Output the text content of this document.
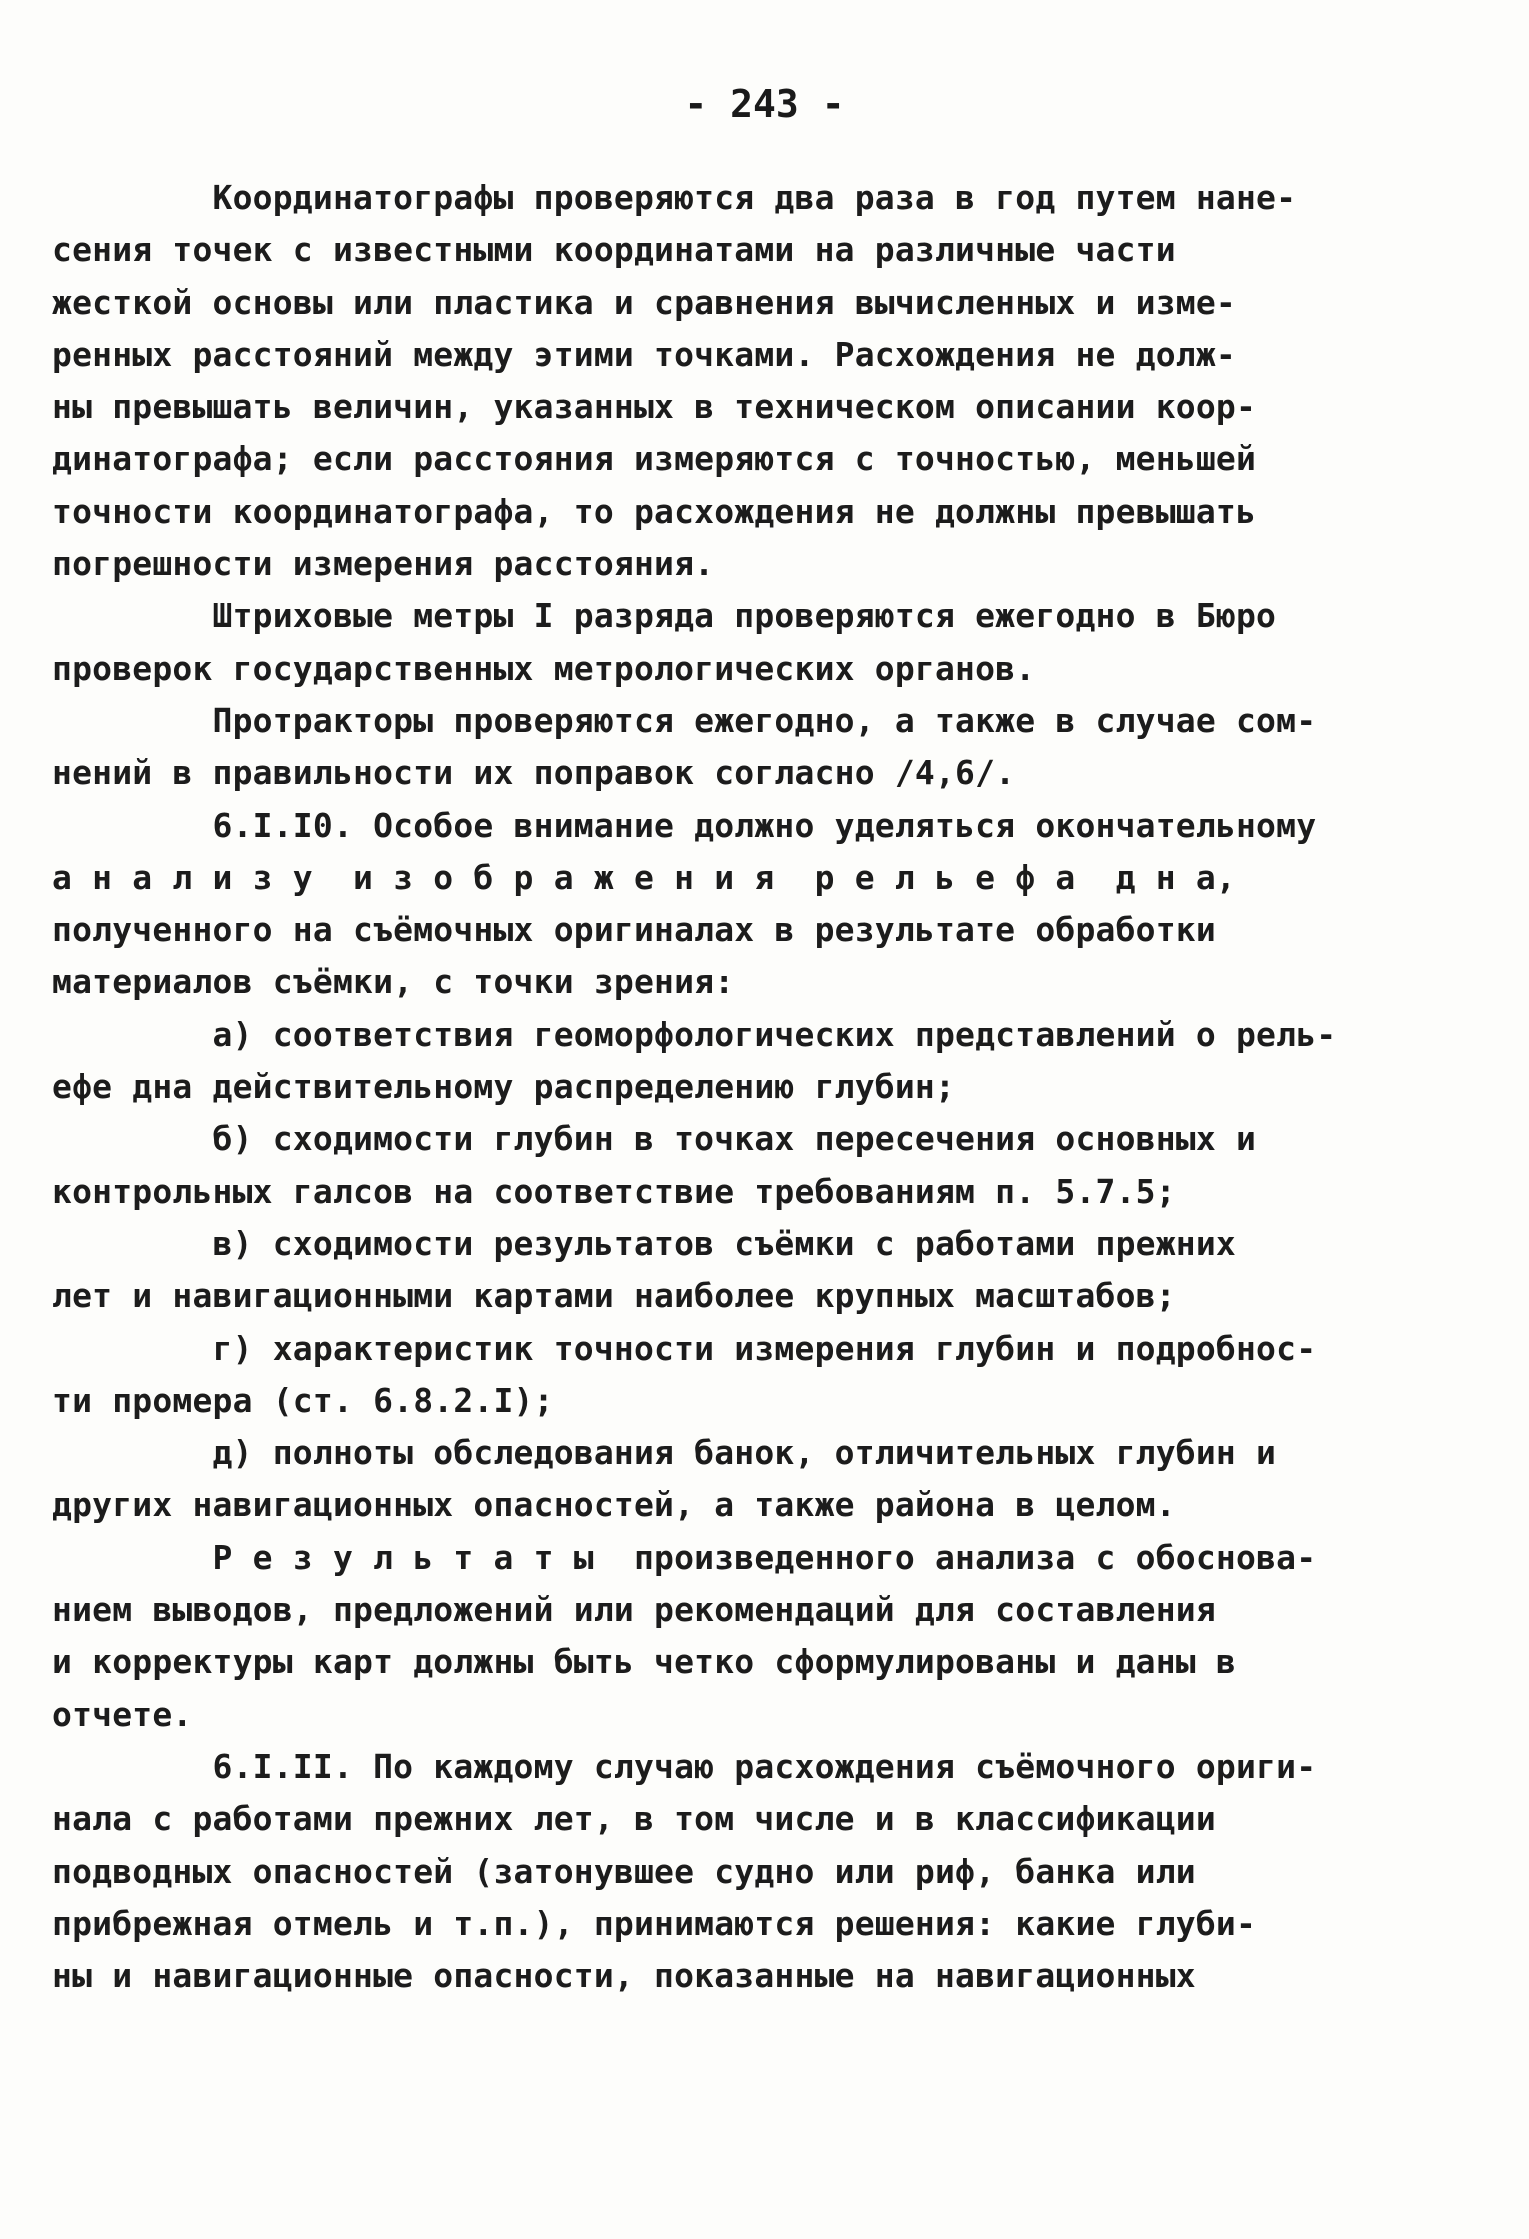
- 243 -
Координатографы проверяются два раза в год путем нане-
сения точек с известными координатами на различные части
жесткой основы или пластика и сравнения вычисленных и изме-
ренных расстояний между этими точками. Расхождения не долж-
ны превышать величин, указанных в техническом описании коор-
динатографа; если расстояния измеряются с точностью, меньшей
точности координатографа, то расхождения не должны превышать
погрешности измерения расстояния.
Штриховые метры I разряда проверяются ежегодно в Бюро
проверок государственных метрологических органов.
Протракторы проверяются ежегодно, а также в случае сом-
нений в правильности их поправок согласно /4,6/.
6.I.I0. Особое внимание должно уделяться окончательному
а н а л и з у  и з о б р а ж е н и я  р е л ь е ф а  д н а,
полученного на съёмочных оригиналах в результате обработки
материалов съёмки, с точки зрения:
а) соответствия геоморфологических представлений о рель-
ефе дна действительному распределению глубин;
б) сходимости глубин в точках пересечения основных и
контрольных галсов на соответствие требованиям п. 5.7.5;
в) сходимости результатов съёмки с работами прежних
лет и навигационными картами наиболее крупных масштабов;
г) характеристик точности измерения глубин и подробнос-
ти промера (ст. 6.8.2.I);
д) полноты обследования банок, отличительных глубин и
других навигационных опасностей, а также района в целом.
Р е з у л ь т а т ы  произведенного анализа с обоснова-
нием выводов, предложений или рекомендаций для составления
и корректуры карт должны быть четко сформулированы и даны в
отчете.
6.I.II. По каждому случаю расхождения съёмочного ориги-
нала с работами прежних лет, в том числе и в классификации
подводных опасностей (затонувшее судно или риф, банка или
прибрежная отмель и т.п.), принимаются решения: какие глуби-
ны и навигационные опасности, показанные на навигационных
